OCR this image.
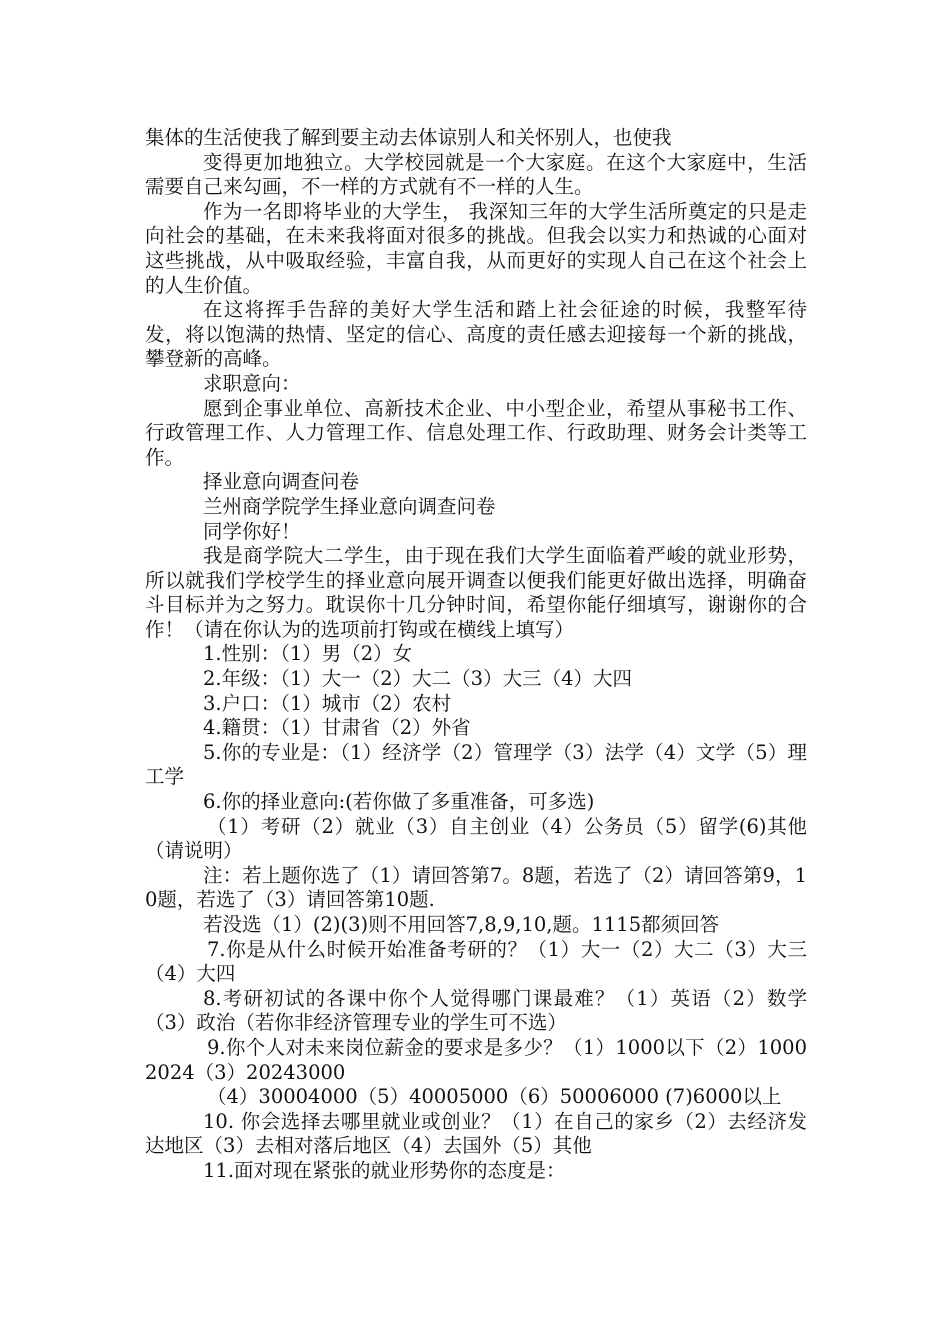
集体的生活使我了解到要主动去体谅别人和关怀别人，也使我

变得更加地独立。大学校园就是一个大家庭。在这个大家庭中，生活需要自己来勾画，不一样的方式就有不一样的人生。

作为一名即将毕业的大学生， 我深知三年的大学生活所奠定的只是走向社会的基础，在未来我将面对很多的挑战。但我会以实力和热诚的心面对这些挑战，从中吸取经验，丰富自我，从而更好的实现人自己在这个社会上的人生价值。

在这将挥手告辞的美好大学生活和踏上社会征途的时候，我整军待发，将以饱满的热情、坚定的信心、高度的责任感去迎接每一个新的挑战，攀登新的高峰。

求职意向：

愿到企事业单位、高新技术企业、中小型企业，希望从事秘书工作、行政管理工作、人力管理工作、信息处理工作、行政助理、财务会计类等工作。

择业意向调查问卷

兰州商学院学生择业意向调查问卷

同学你好！

我是商学院大二学生，由于现在我们大学生面临着严峻的就业形势，所以就我们学校学生的择业意向展开调查以便我们能更好做出选择，明确奋斗目标并为之努力。耽误你十几分钟时间，希望你能仔细填写，谢谢你的合作！（请在你认为的选项前打钩或在横线上填写）

1.性别：（1）男（2）女

2.年级：（1）大一（2）大二（3）大三（4）大四

3.户口：（1）城市（2）农村

4.籍贯：（1）甘肃省（2）外省

5.你的专业是：（1）经济学（2）管理学（3）法学（4）文学（5）理工学

6.你的择业意向:(若你做了多重准备，可多选)

（1）考研（2）就业（3）自主创业（4）公务员（5）留学(6)其他（请说明）

注：若上题你选了（1）请回答第7。8题，若选了（2）请回答第9，10题，若选了（3）请回答第10题.

若没选（1）(2)(3)则不用回答7,8,9,10,题。1115都须回答

7.你是从什么时候开始准备考研的？（1）大一（2）大二（3）大三（4）大四

8.考研初试的各课中你个人觉得哪门课最难？（1）英语（2）数学（3）政治（若你非经济管理专业的学生可不选）

9.你个人对未来岗位薪金的要求是多少？（1）1000以下（2）10002024（3）20243000

（4）30004000（5）40005000（6）50006000 (7)6000以上

10. 你会选择去哪里就业或创业？（1）在自己的家乡（2）去经济发达地区（3）去相对落后地区（4）去国外（5）其他

11.面对现在紧张的就业形势你的态度是：
